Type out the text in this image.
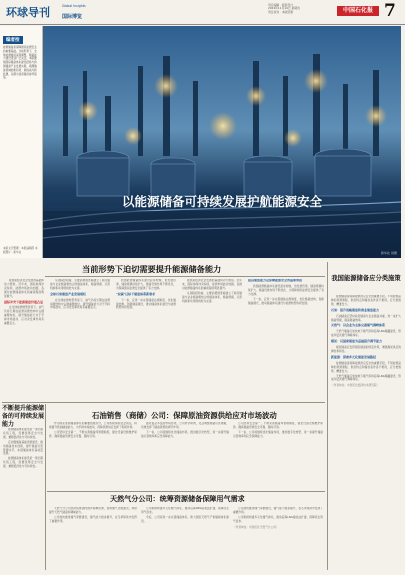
环球导刊	Global Insights
国际博览
责任编辑 · 版面设计
2024年11月14日 星期四
责任校对 · 本版统筹	中国石化报 7
编者按
能源储备是保障国家能源安全的重要基础。当前形势下，全球能源格局深刻调整，储备能力建设受到广泛关注。本版聚焦国际储备体系建设经验与我国储备产业发展实践，梳理储备领域的新趋势、新挑战与新机遇，以期为读者提供参考借鉴。
本版文字整理：本报编辑部 本版图片：新华社
以能源储备可持续发展护航能源安全
新华社 供图
当前形势下迫切需要提升能源储备能力

能源是经济社会发展的基础和动力源泉。近年来，国际地缘冲突持续，能源市场波动加剧，各国对能源储备体系的重视程度明显提升。

国际冲突下能源储备价值凸显

在全球能源转型背景下，油气仍将长期在能源消费结构中占据重要地位，提升储备能力对于平抑市场波动、应对突发事件具有重要意义。

从国际经验看，主要消费国普遍建立了政府储备与企业储备相结合的储备体系，储备规模、运营机制和动用规则较为完善。

全球石油储备产业发展现状

在全球能源转型背景下，油气仍将长期在能源消费结构中占据重要地位，提升储备能力对于平抑市场波动、应对突发事件具有重要意义。

我国能源储备体系建设起步较晚，但发展迅速，储备规模持续扩大，储备设施布局不断优化，为保障国家能源安全提供了有力支撑。

"双碳"目标下储备体系新要求

下一步，应进一步完善储备法规制度，优化储备结构，创新储备模式，推动储备体系建设与能源转型协同发展。

能源是经济社会发展的基础和动力源泉。近年来，国际地缘冲突持续，能源市场波动加剧，各国对能源储备体系的重视程度明显提升。

从国际经验看，主要消费国普遍建立了政府储备与企业储备相结合的储备体系，储备规模、运营机制和动用规则较为完善。

提高储备能力是保障能源安全的重要举措

我国能源储备体系建设起步较晚，但发展迅速，储备规模持续扩大，储备设施布局不断优化，为保障国家能源安全提供了有力支撑。

下一步，应进一步完善储备法规制度，优化储备结构，创新储备模式，推动储备体系建设与能源转型协同发展。

我国能源储备应分类施策

能源储备是保障能源供应安全的重要手段。不同能源品种的资源禀赋、供需特点和储存条件各不相同，应分类施策、精准发力。

石油：提升战略储备和商业储备能力

石油储备应坚持政府储备与企业储备并重，进一步扩大储备规模，提高储备效率。

天然气：以企业为主体完善储气调峰体系

天然气储备应加快地下储气库和沿海LNG储罐建设，形成多层次储气调峰体系。

煤炭：以国家储备为基础提升调节能力

煤炭储备应发挥国家储备的兜底作用，增强煤炭供应的弹性和韧性。

新能源：探索多元化储能发展路径

能源储备是保障能源供应安全的重要手段。不同能源品种的资源禀赋、供需特点和储存条件各不相同，应分类施策、精准发力。

天然气储备应加快地下储气库和沿海LNG储罐建设，形成多层次储气调峰体系。

（作者单位：中国石化经济技术研究院）
不断提升能源储备的可持续发展能力

能源储备体系建设是一项长期系统工程，需要统筹安全与发展，兼顾经济性与可持续性。

应加强储备基础设施建设，推动储备技术创新，提升储备运营管理水平，实现储备体系高质量发展。

能源储备体系建设是一项长期系统工程，需要统筹安全与发展，兼顾经济性与可持续性。

石油销售（商储）公司：保障原油资源供给应对市场波动

作为国家原油储备体系的重要组成部分，公司积极承担社会责任，持续提升原油储备能力，为平抑市场波动、保障资源供应发挥了积极作用。

公司坚持安全第一，不断完善储备库管理制度，强化设备设施维护保养，确保储备资源安全可靠、随时可用。

面对复杂多变的市场形势，公司科学研判，灵活调整储备运营策略，有效发挥了储备资源的调节作用。

下一步，公司将继续优化储备布局，推进数字化转型，进一步提升储备运营效率和应急保障能力。

公司坚持安全第一，不断完善储备库管理制度，强化设备设施维护保养，确保储备资源安全可靠、随时可用。

下一步，公司将继续优化储备布局，推进数字化转型，进一步提升储备运营效率和应急保障能力。

天然气分公司：统筹资源储备保障用气需求

天然气分公司坚持统筹国内国外两种资源，加快储气设施建设，持续提升天然气储备和调峰能力。

公司加快推进储气库群建设，储气能力稳步提升，在冬季保供中发挥了重要作用。

公司积极构建多元化储气体系，推动沿海LNG接收站扩建，保障民生用气需求。

今后，公司将进一步完善储备体系，助力国家天然气产供储销体系建设。

公司加快推进储气库群建设，储气能力稳步提升，在冬季保供中发挥了重要作用。

公司积极构建多元化储气体系，推动沿海LNG接收站扩建，保障民生用气需求。

（作者单位：中国石化天然气分公司）
